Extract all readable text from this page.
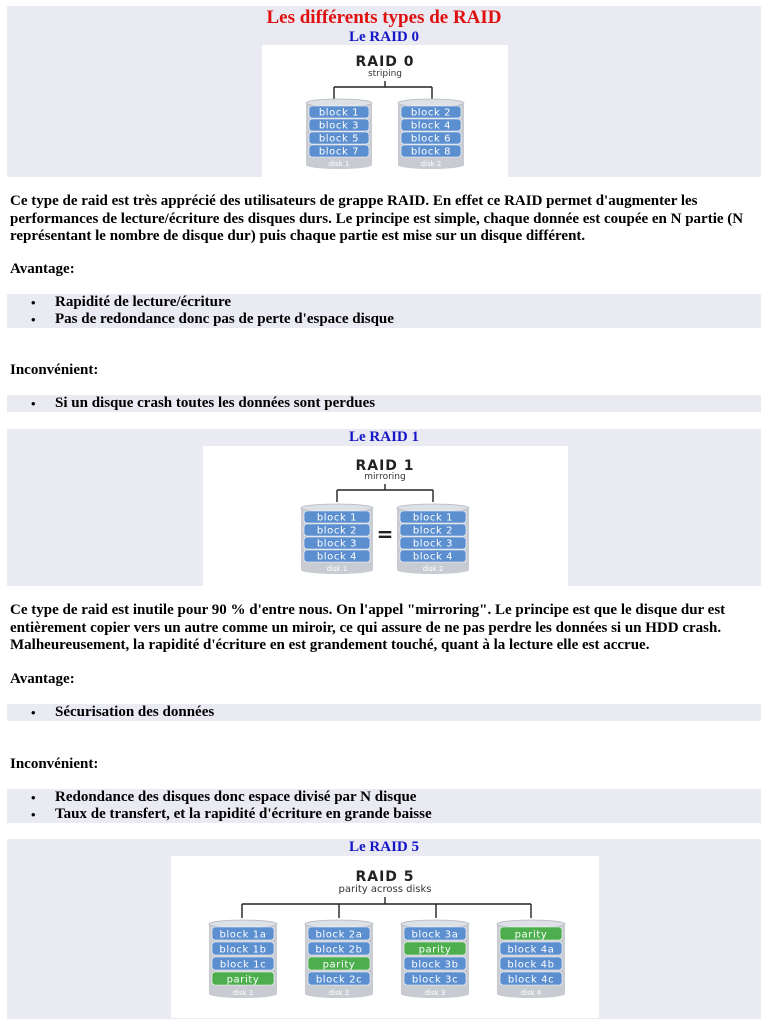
Les différents types de RAID
Le RAID 0
RAID 0
striping
block 1
block 3
block 5
block 7
disk 1
block 2
block 4
block 6
block 8
disk 2

Ce type de raid est très apprécié des utilisateurs de grappe RAID. En effet ce RAID permet d'augmenter les performances de lecture/écriture des disques durs. Le principe est simple, chaque donnée est coupée en N partie (N représentant le nombre de disque dur) puis chaque partie est mise sur un disque différent.

Avantage:
• Rapidité de lecture/écriture
• Pas de redondance donc pas de perte d'espace disque
Inconvénient:
• Si un disque crash toutes les données sont perdues
Le RAID 1
RAID 1
mirroring
block 1
block 2
block 3
block 4
disk 1
block 1
block 2
block 3
block 4
disk 2
=

Ce type de raid est inutile pour 90 % d'entre nous. On l'appel "mirroring". Le principe est que le disque dur est entièrement copier vers un autre comme un miroir, ce qui assure de ne pas perdre les données si un HDD crash. Malheureusement, la rapidité d'écriture en est grandement touché, quant à la lecture elle est accrue.

Avantage:
• Sécurisation des données
Inconvénient:
• Redondance des disques donc espace divisé par N disque
• Taux de transfert, et la rapidité d'écriture en grande baisse
Le RAID 5
RAID 5
parity across disks
block 1a
block 1b
block 1c
parity
disk 1
block 2a
block 2b
parity
block 2c
disk 2
block 3a
parity
block 3b
block 3c
disk 3
parity
block 4a
block 4b
block 4c
disk 4
